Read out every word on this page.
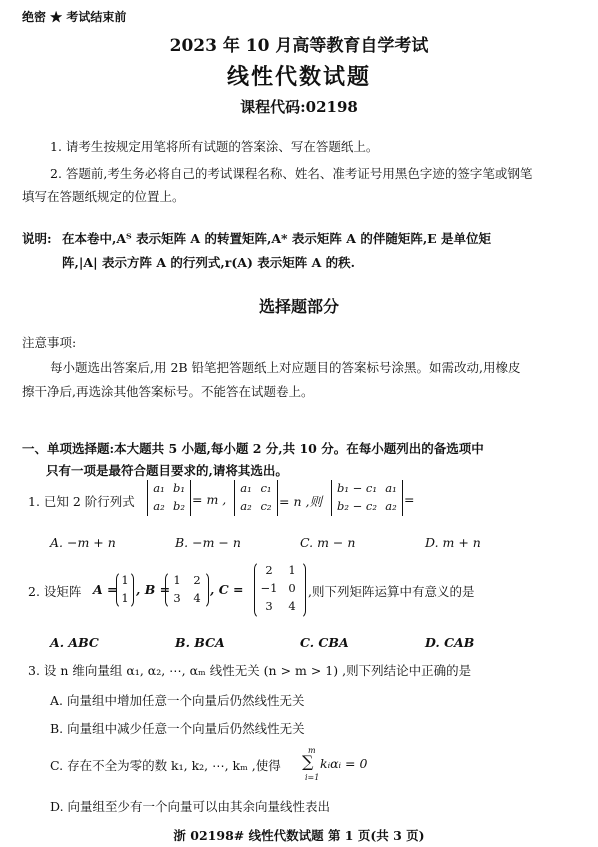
绝密 ★ 考试结束前
2023 年 10 月高等教育自学考试
线性代数试题
课程代码:02198
1. 请考生按规定用笔将所有试题的答案涂、写在答题纸上。
2. 答题前,考生务必将自己的考试课程名称、姓名、准考证号用黑色字迹的签字笔或钢笔
填写在答题纸规定的位置上。
说明: 在本卷中,Aᵀ 表示矩阵 A 的转置矩阵,A* 表示矩阵 A 的伴随矩阵,E 是单位矩
阵,|A| 表示方阵 A 的行列式,r(A) 表示矩阵 A 的秩.
选择题部分
注意事项:
每小题选出答案后,用 2B 铅笔把答题纸上对应题目的答案标号涂黑。如需改动,用橡皮
擦干净后,再选涂其他答案标号。不能答在试题卷上。
一、单项选择题:本大题共 5 小题,每小题 2 分,共 10 分。在每小题列出的备选项中
只有一项是最符合题目要求的,请将其选出。
1. 已知 2 阶行列式
a₁ b₁
a₂ b₂ = m ,
a₁ c₁
a₂ c₂ = n ,则
b₁ − c₁ a₁
b₂ − c₂ a₂ =
A. −m + n	B. −m − n	C. m − n	D. m + n
2. 设矩阵 A =
1
1
, B =
1	2
3	4
, C =
2	1
−1 0
3	4
,则下列矩阵运算中有意义的是
A. ABC	B. BCA	C. CBA	D. CAB
3. 设 n 维向量组 α₁, α₂, ⋯, αₘ 线性无关 (n > m > 1) ,则下列结论中正确的是
A. 向量组中增加任意一个向量后仍然线性无关
B. 向量组中减少任意一个向量后仍然线性无关
C. 存在不全为零的数 k₁, k₂, ⋯, kₘ ,使得
m
∑
i=1
kᵢαᵢ = 0
D. 向量组至少有一个向量可以由其余向量线性表出
浙 02198# 线性代数试题 第 1 页(共 3 页)
